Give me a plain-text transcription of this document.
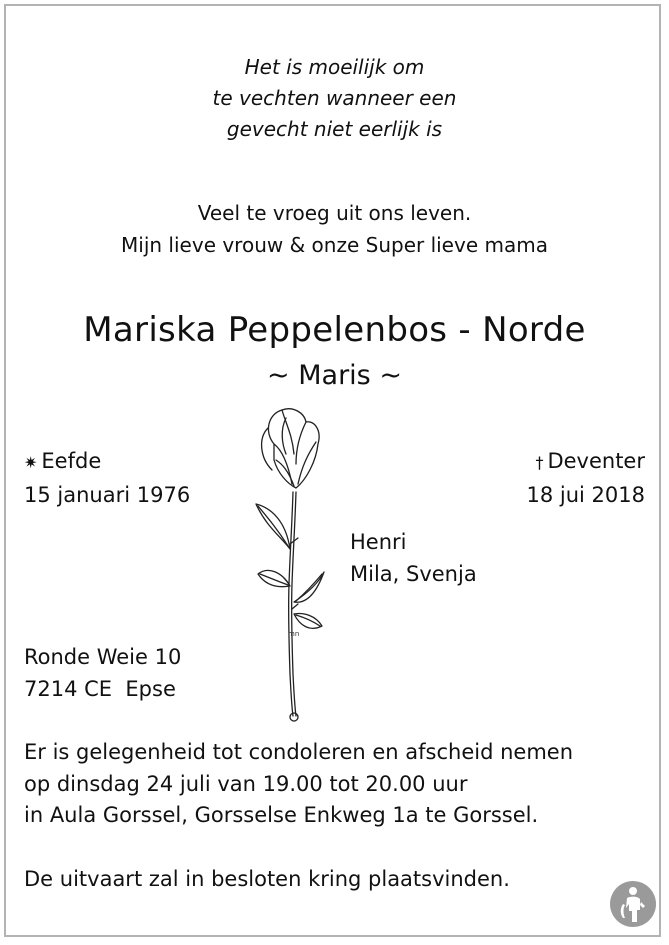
Het is moeilijk om
te vechten wanneer een
gevecht niet eerlijk is
Veel te vroeg uit ons leven.
Mijn lieve vrouw & onze Super lieve mama
Mariska Peppelenbos - Norde
~ Maris ~
mn
✷ Eefde
15 januari 1976
† Deventer
18 jui 2018
Henri
Mila, Svenja
Ronde Weie 10
7214 CE  Epse
Er is gelegenheid tot condoleren en afscheid nemen
op dinsdag 24 juli van 19.00 tot 20.00 uur
in Aula Gorssel, Gorsselse Enkweg 1a te Gorssel.
De uitvaart zal in besloten kring plaatsvinden.
